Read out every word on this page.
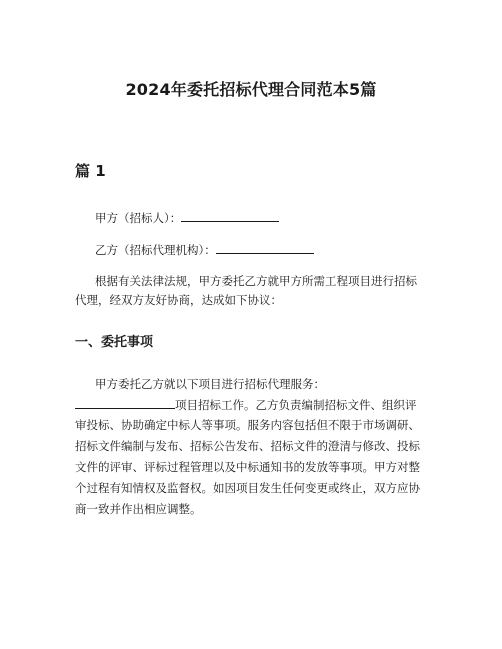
2024年委托招标代理合同范本5篇
篇 1
甲方（招标人）：
乙方（招标代理机构）：
根据有关法律法规，甲方委托乙方就甲方所需工程项目进行招标
代理，经双方友好协商，达成如下协议：
一、委托事项
甲方委托乙方就以下项目进行招标代理服务：
项目招标工作。乙方负责编制招标文件、组织评
审投标、协助确定中标人等事项。服务内容包括但不限于市场调研、
招标文件编制与发布、招标公告发布、招标文件的澄清与修改、投标
文件的评审、评标过程管理以及中标通知书的发放等事项。甲方对整
个过程有知情权及监督权。如因项目发生任何变更或终止，双方应协
商一致并作出相应调整。
